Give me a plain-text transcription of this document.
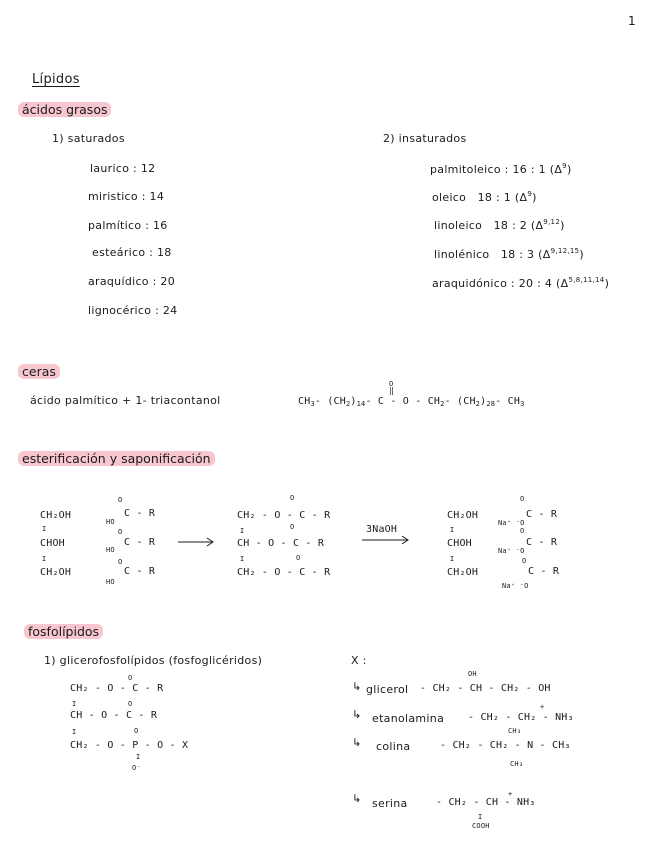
1
Lípidos
ácidos grasos
1) saturados
laurico : 12
miristico : 14
palmítico : 16
esteárico : 18
araquídico : 20
lignocérico : 24
2) insaturados
palmitoleico : 16 : 1 $(\Delta^9)$
oleico 18 : 1 $(\Delta^9)$
linoleico 18 : 2 $(\Delta^{9,12})$
linolénico 18 : 3 $(\Delta^{9,12,15})$
araquidónico : 20 : 4 $(\Delta^{5,8,11,14})$
ceras
ácido palmítico + 1- triacontanol
O
‖
$CH_3-$ $(CH_2)_{14}-$ C - O - $CH_2-$ $(CH_2)_{28}-$ $CH_3$
esterificación y saponificación
CH₂OH
I
CHOH
I
CH₂OH
O
HO
C - R
O
HO
C - R
O
HO
C - R
O
CH₂ - O - C - R
I	O
CH - O - C - R
I	O
CH₂ - O - C - R
3NaOH
CH₂OH
I
CHOH
I
CH₂OH
O
Na⁺ ⁻O
C - R
O
Na⁺ ⁻O
C - R
O
Na⁺ ⁻O
C - R
fosfolípidos
1) glicerofosfolípidos (fosfoglicéridos)
O
CH₂ - O - C - R
I	O
CH - O - C - R
I	O
CH₂ - O - P - O - X
I
O⁻
X :
↳ glicerol
OH
- CH₂ - CH - CH₂ - OH
↳ etanolamina
+
- CH₂ - CH₂ - NH₃
↳ colina
CH₃
- CH₂ - CH₂ - N - CH₃
CH₃
↳ serina
+
- CH₂ - CH - NH₃
I
COOH
